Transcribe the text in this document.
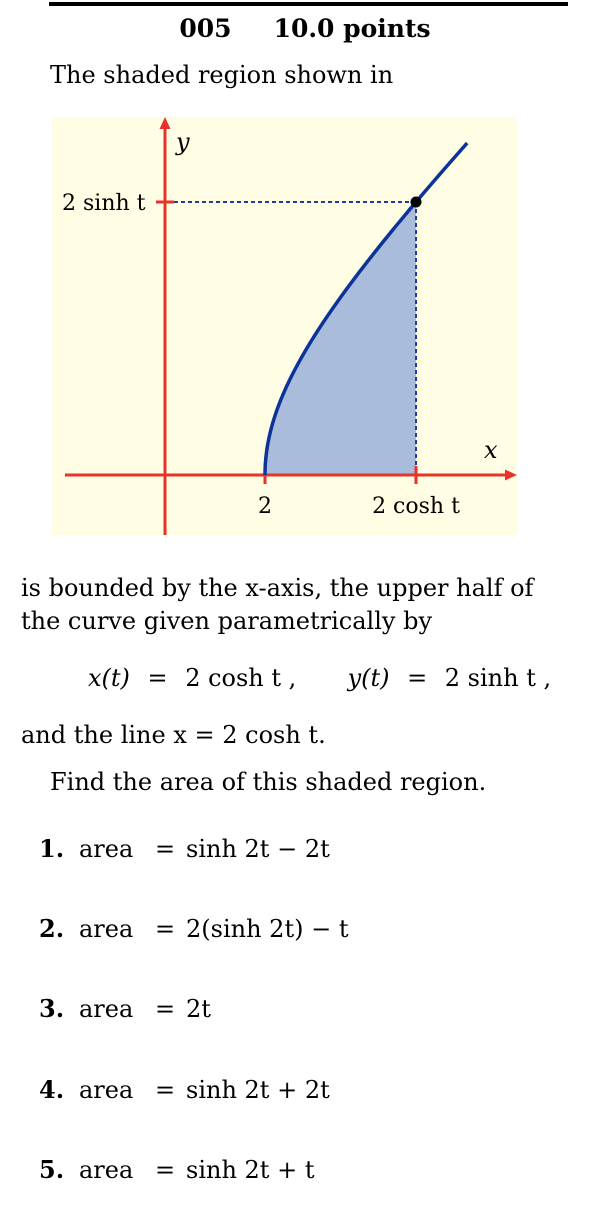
005 10.0 points
The shaded region shown in
y
x
2 sinh t
2	2 cosh t
is bounded by the x-axis, the upper half of
the curve given parametrically by
x(t) = 2 cosh t , y(t) = 2 sinh t ,
and the line x = 2 cosh t.
Find the area of this shaded region.
1. area = sinh 2t − 2t
2. area = 2(sinh 2t) − t
3. area = 2t
4. area = sinh 2t + 2t
5. area = sinh 2t + t
